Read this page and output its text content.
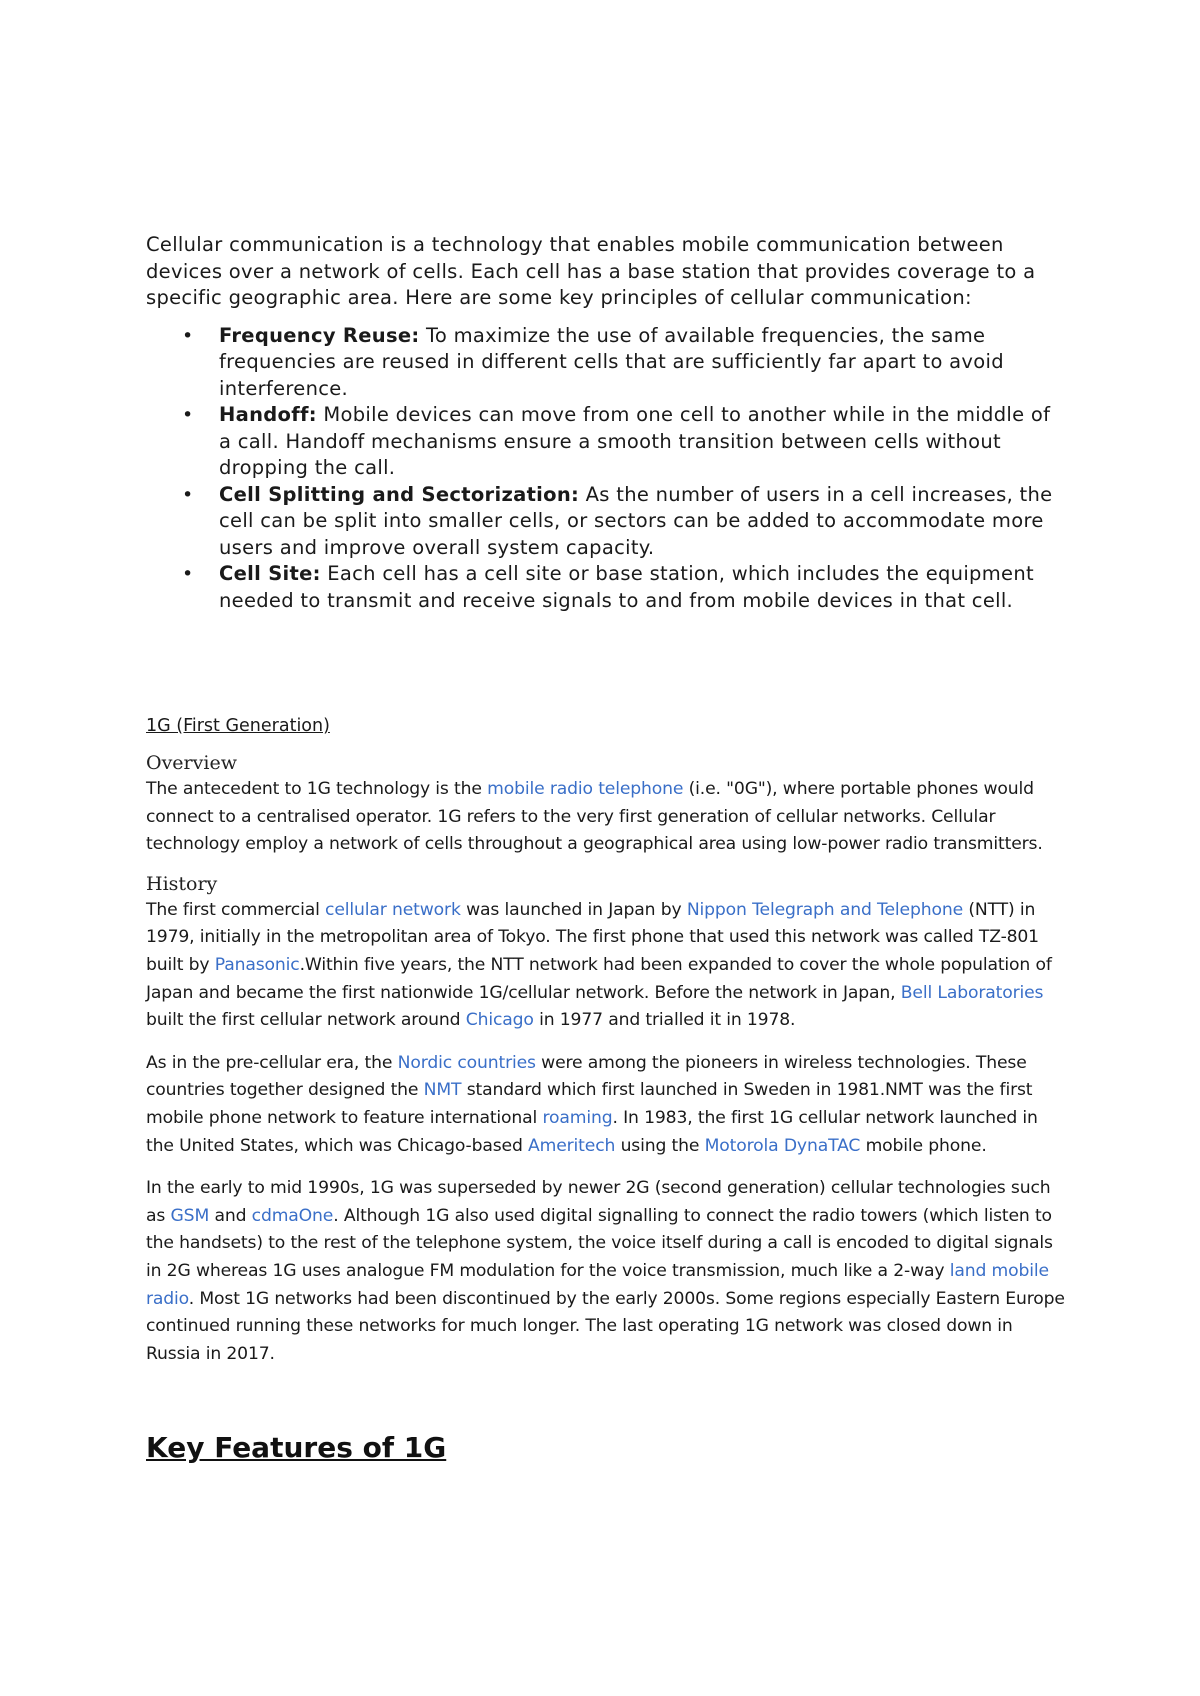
Cellular communication is a technology that enables mobile communication between devices over a network of cells. Each cell has a base station that provides coverage to a specific geographic area. Here are some key principles of cellular communication:

• Frequency Reuse: To maximize the use of available frequencies, the same frequencies are reused in different cells that are sufficiently far apart to avoid interference.
• Handoff: Mobile devices can move from one cell to another while in the middle of a call. Handoff mechanisms ensure a smooth transition between cells without dropping the call.
• Cell Splitting and Sectorization: As the number of users in a cell increases, the cell can be split into smaller cells, or sectors can be added to accommodate more users and improve overall system capacity.
• Cell Site: Each cell has a cell site or base station, which includes the equipment needed to transmit and receive signals to and from mobile devices in that cell.
1G (First Generation)
Overview

The antecedent to 1G technology is the mobile radio telephone (i.e. "0G"), where portable phones would connect to a centralised operator. 1G refers to the very first generation of cellular networks. Cellular technology employ a network of cells throughout a geographical area using low-power radio transmitters.

History

The first commercial cellular network was launched in Japan by Nippon Telegraph and Telephone (NTT) in 1979, initially in the metropolitan area of Tokyo. The first phone that used this network was called TZ-801 built by Panasonic.Within five years, the NTT network had been expanded to cover the whole population of Japan and became the first nationwide 1G/cellular network. Before the network in Japan, Bell Laboratories built the first cellular network around Chicago in 1977 and trialled it in 1978.

As in the pre-cellular era, the Nordic countries were among the pioneers in wireless technologies. These countries together designed the NMT standard which first launched in Sweden in 1981.NMT was the first mobile phone network to feature international roaming. In 1983, the first 1G cellular network launched in the United States, which was Chicago-based Ameritech using the Motorola DynaTAC mobile phone.

In the early to mid 1990s, 1G was superseded by newer 2G (second generation) cellular technologies such as GSM and cdmaOne. Although 1G also used digital signalling to connect the radio towers (which listen to the handsets) to the rest of the telephone system, the voice itself during a call is encoded to digital signals in 2G whereas 1G uses analogue FM modulation for the voice transmission, much like a 2-way land mobile radio. Most 1G networks had been discontinued by the early 2000s. Some regions especially Eastern Europe continued running these networks for much longer. The last operating 1G network was closed down in Russia in 2017.

Key Features of 1G
